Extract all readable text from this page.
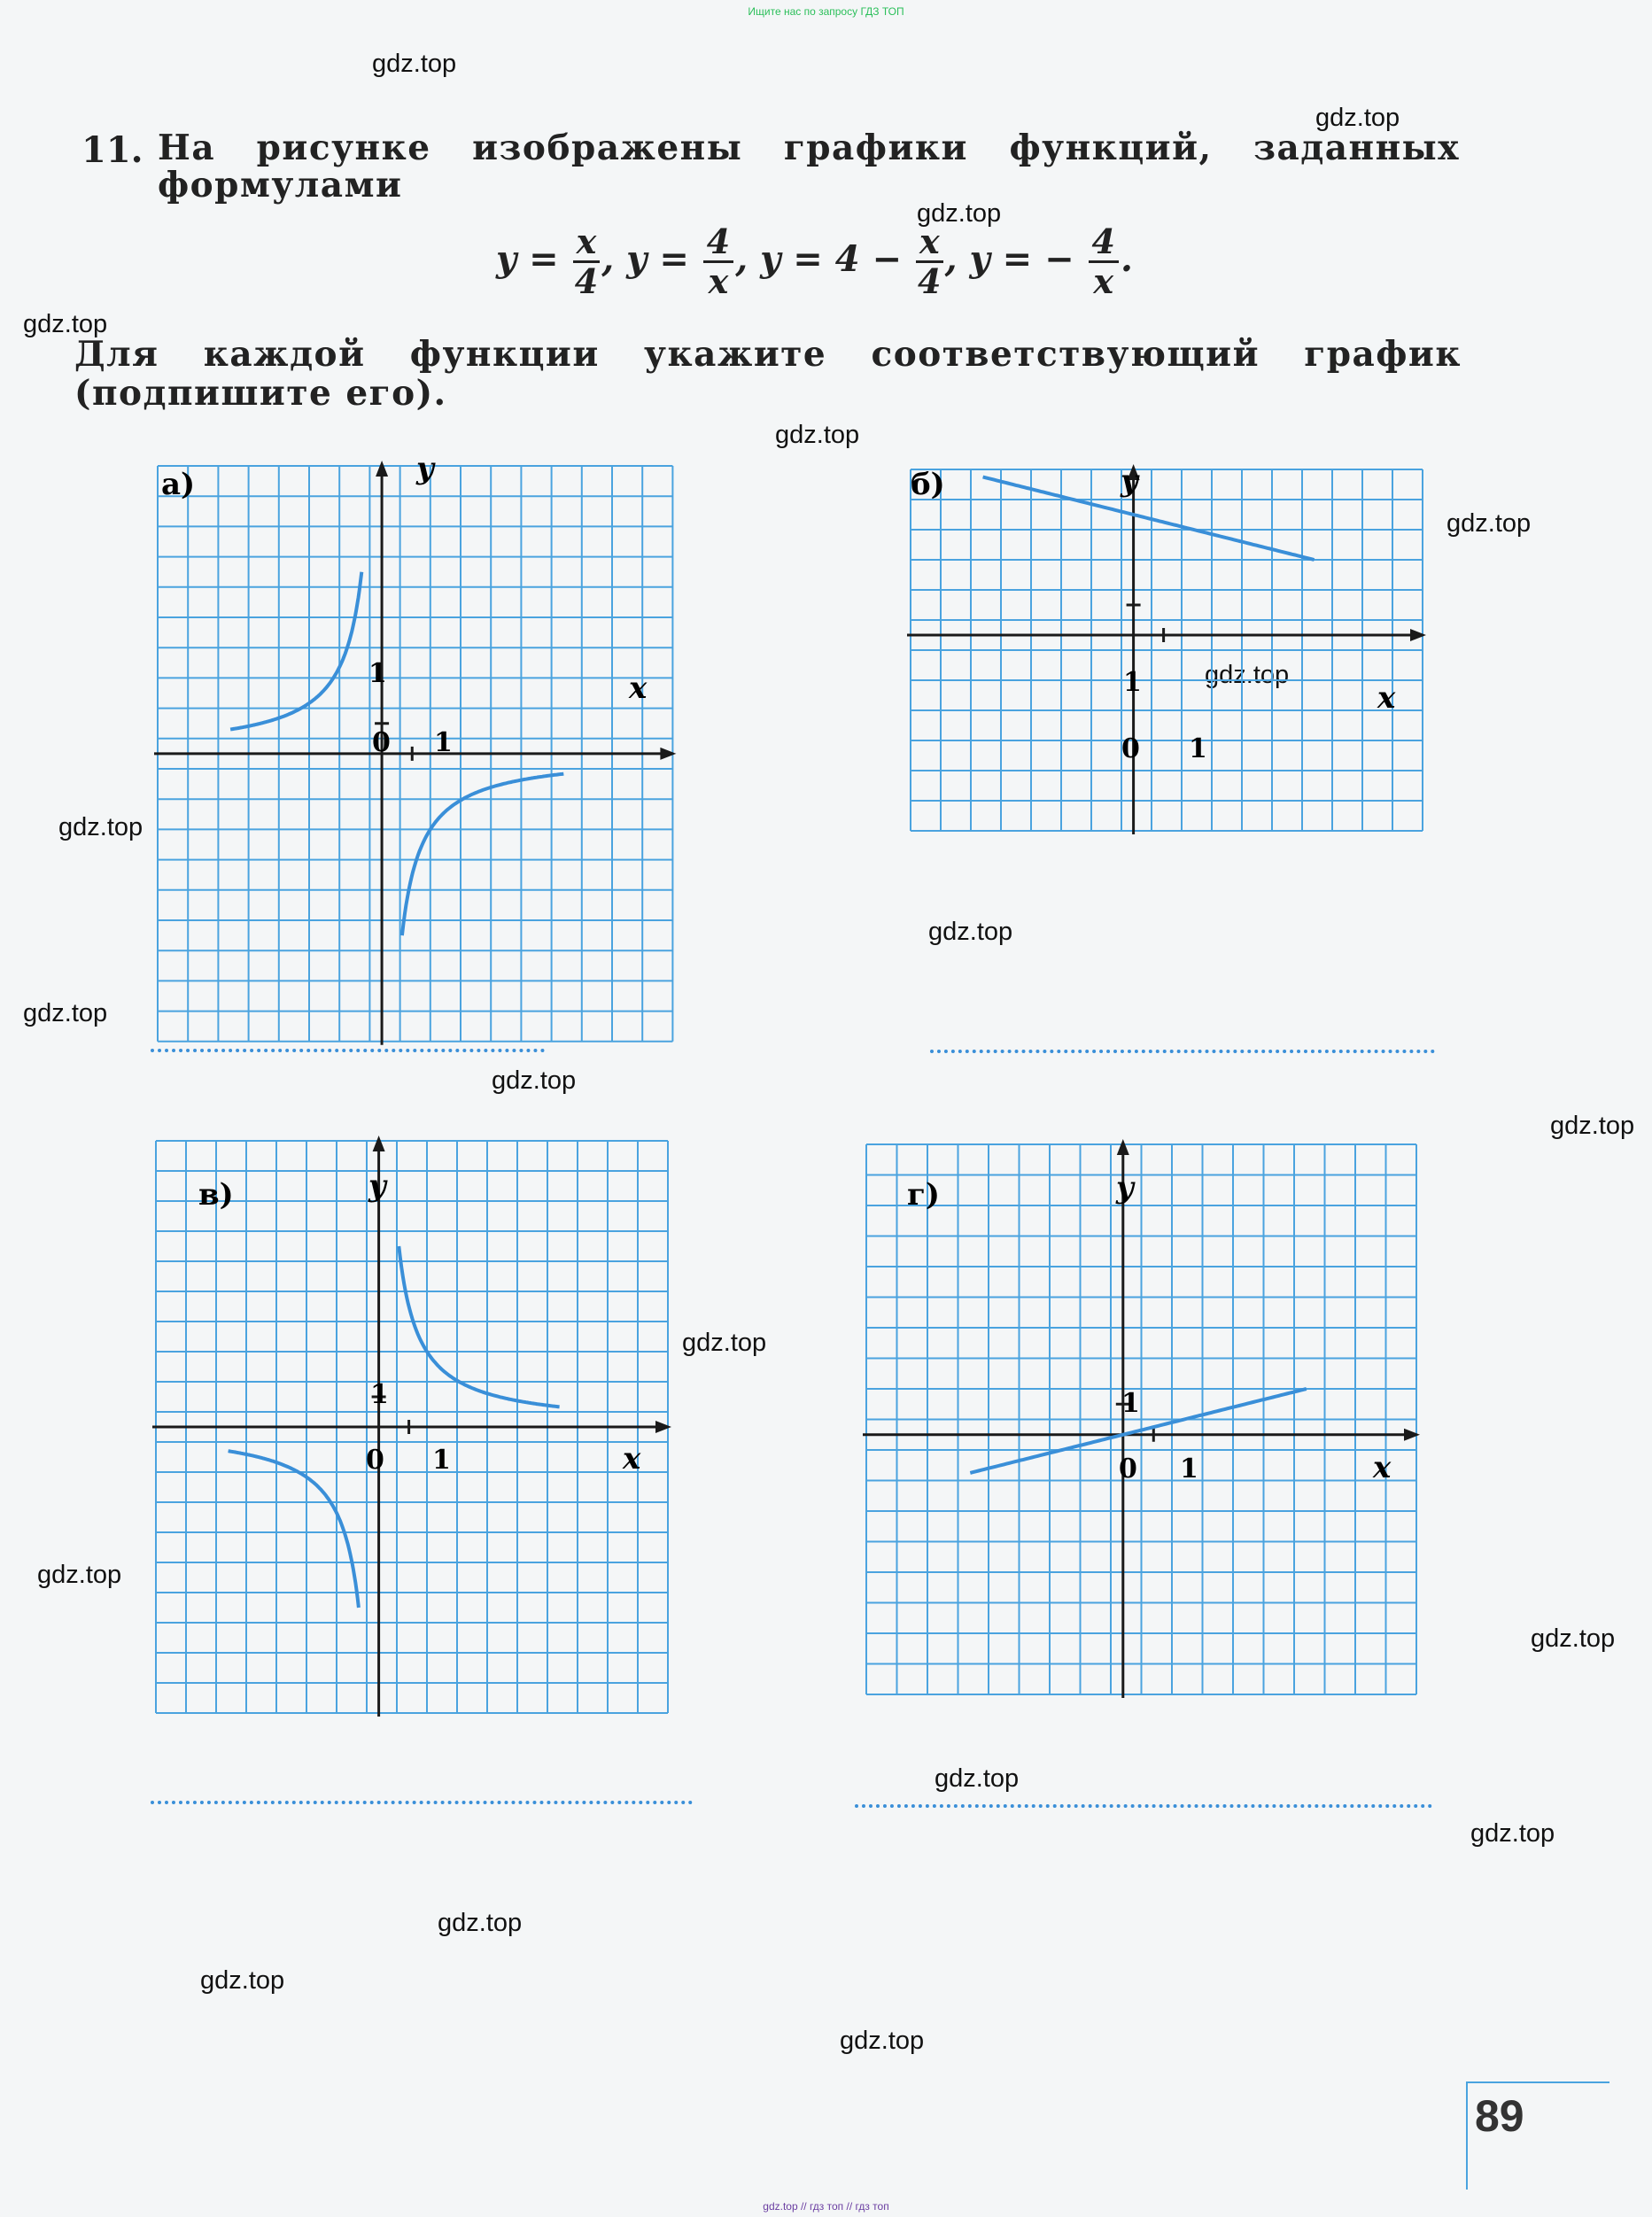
Ищите нас по запросу ГДЗ ТОП
gdz.top
gdz.top
gdz.top
gdz.top
gdz.top
gdz.top
gdz.top
gdz.top
gdz.top
gdz.top
gdz.top
gdz.top
gdz.top
gdz.top
gdz.top
gdz.top
gdz.top
gdz.top
gdz.top
gdz.top
11. На рисунке изображены графики функций, заданных формулами
$y = \frac{x}{4}$ , $y = \frac{4}{x}$ , $y = 4 - \frac{x}{4}$ , y = − $\frac{4}{x}$ .
Для каждой функции укажите соответствующий график (подпишите его).
а)	y
x
0 1
1
б)	y
x
0 1
1
в)	y
x
0 1
1
г)	y
x
0 1
1
89
gdz.top // гдз топ // гдз топ
